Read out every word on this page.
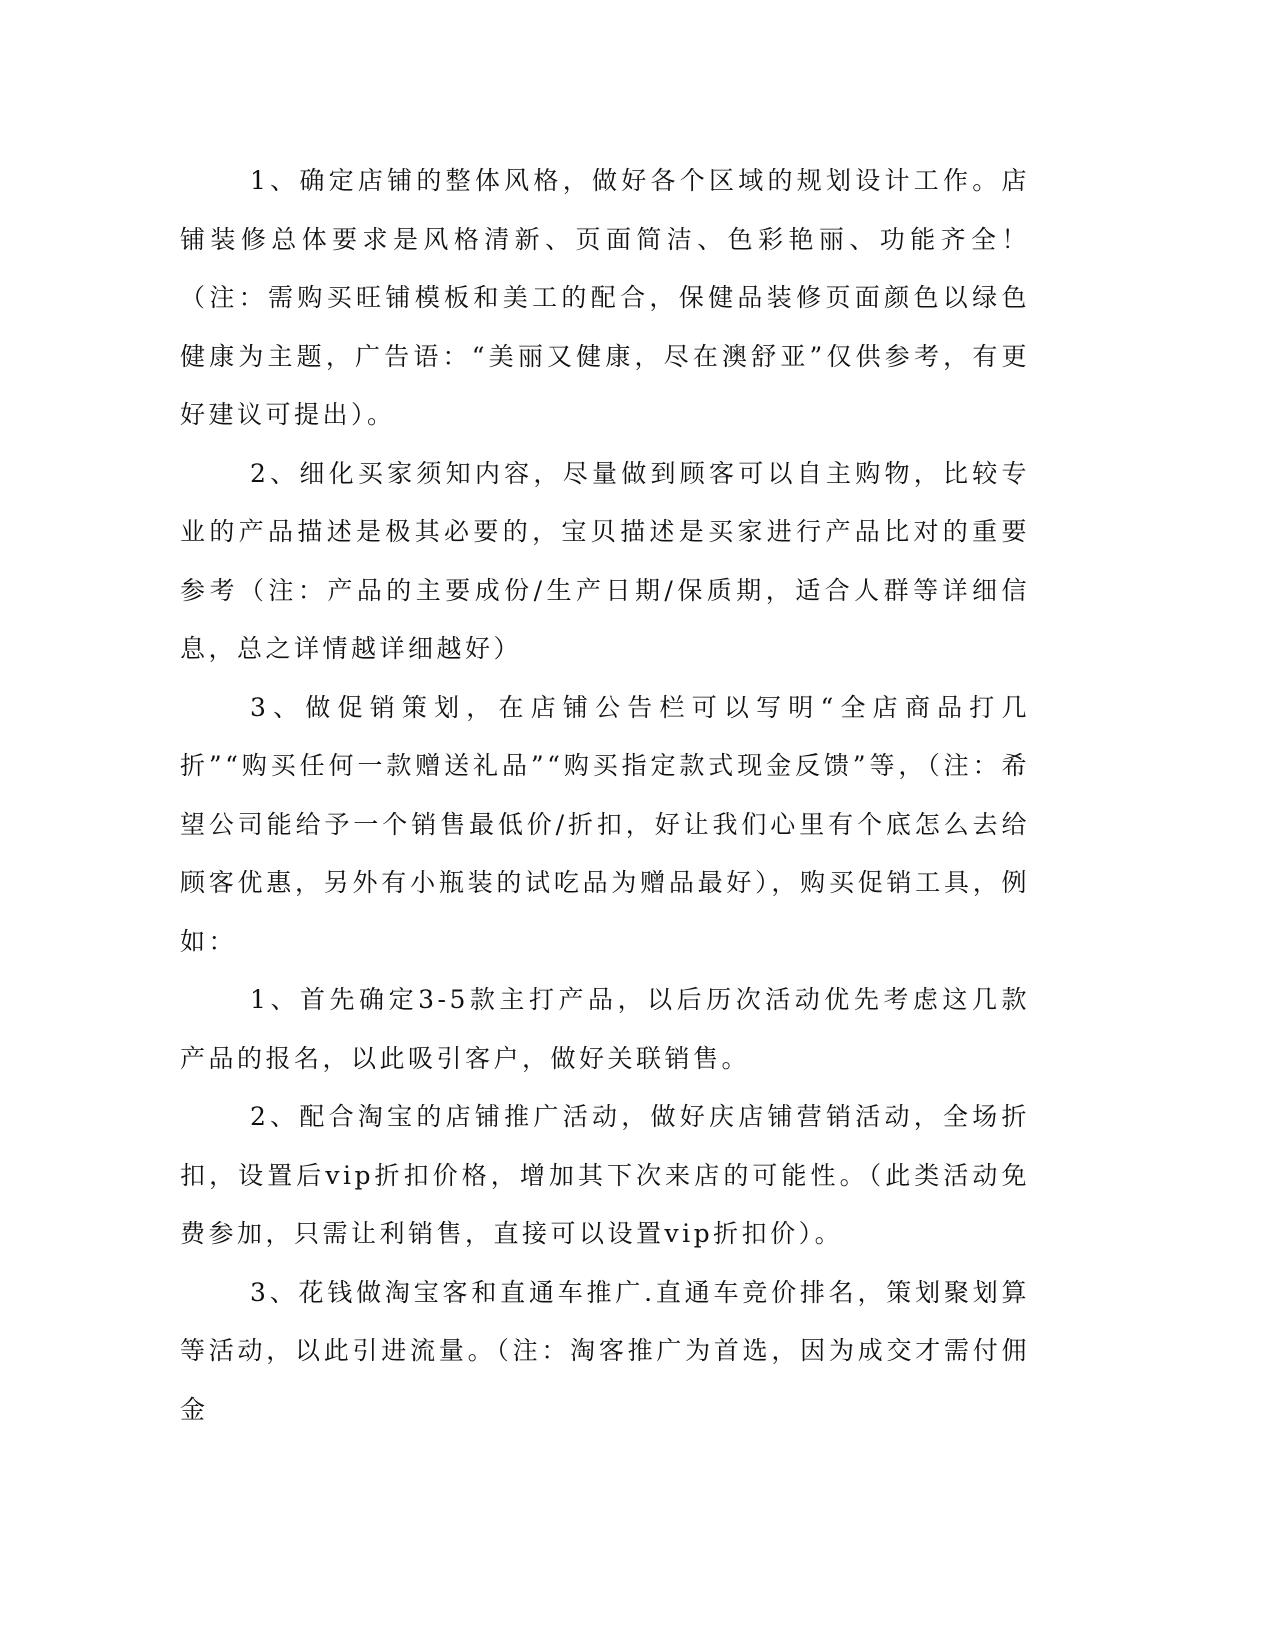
1、确定店铺的整体风格，做好各个区域的规划设计工作。店铺装修总体要求是风格清新、页面简洁、色彩艳丽、功能齐全！（注：需购买旺铺模板和美工的配合，保健品装修页面颜色以绿色健康为主题，广告语：“美丽又健康，尽在澳舒亚”仅供参考，有更好建议可提出）。

2、细化买家须知内容，尽量做到顾客可以自主购物，比较专业的产品描述是极其必要的，宝贝描述是买家进行产品比对的重要参考（注：产品的主要成份/生产日期/保质期，适合人群等详细信息，总之详情越详细越好）

3、做促销策划，在店铺公告栏可以写明“全店商品打几折”“购买任何一款赠送礼品”“购买指定款式现金反馈”等，（注：希望公司能给予一个销售最低价/折扣，好让我们心里有个底怎么去给顾客优惠，另外有小瓶装的试吃品为赠品最好），购买促销工具，例如：

1、首先确定3-5款主打产品，以后历次活动优先考虑这几款产品的报名，以此吸引客户，做好关联销售。

2、配合淘宝的店铺推广活动，做好庆店铺营销活动，全场折扣，设置后vip折扣价格，增加其下次来店的可能性。（此类活动免费参加，只需让利销售，直接可以设置vip折扣价）。

3、花钱做淘宝客和直通车推广.直通车竞价排名，策划聚划算等活动，以此引进流量。（注：淘客推广为首选，因为成交才需付佣金
